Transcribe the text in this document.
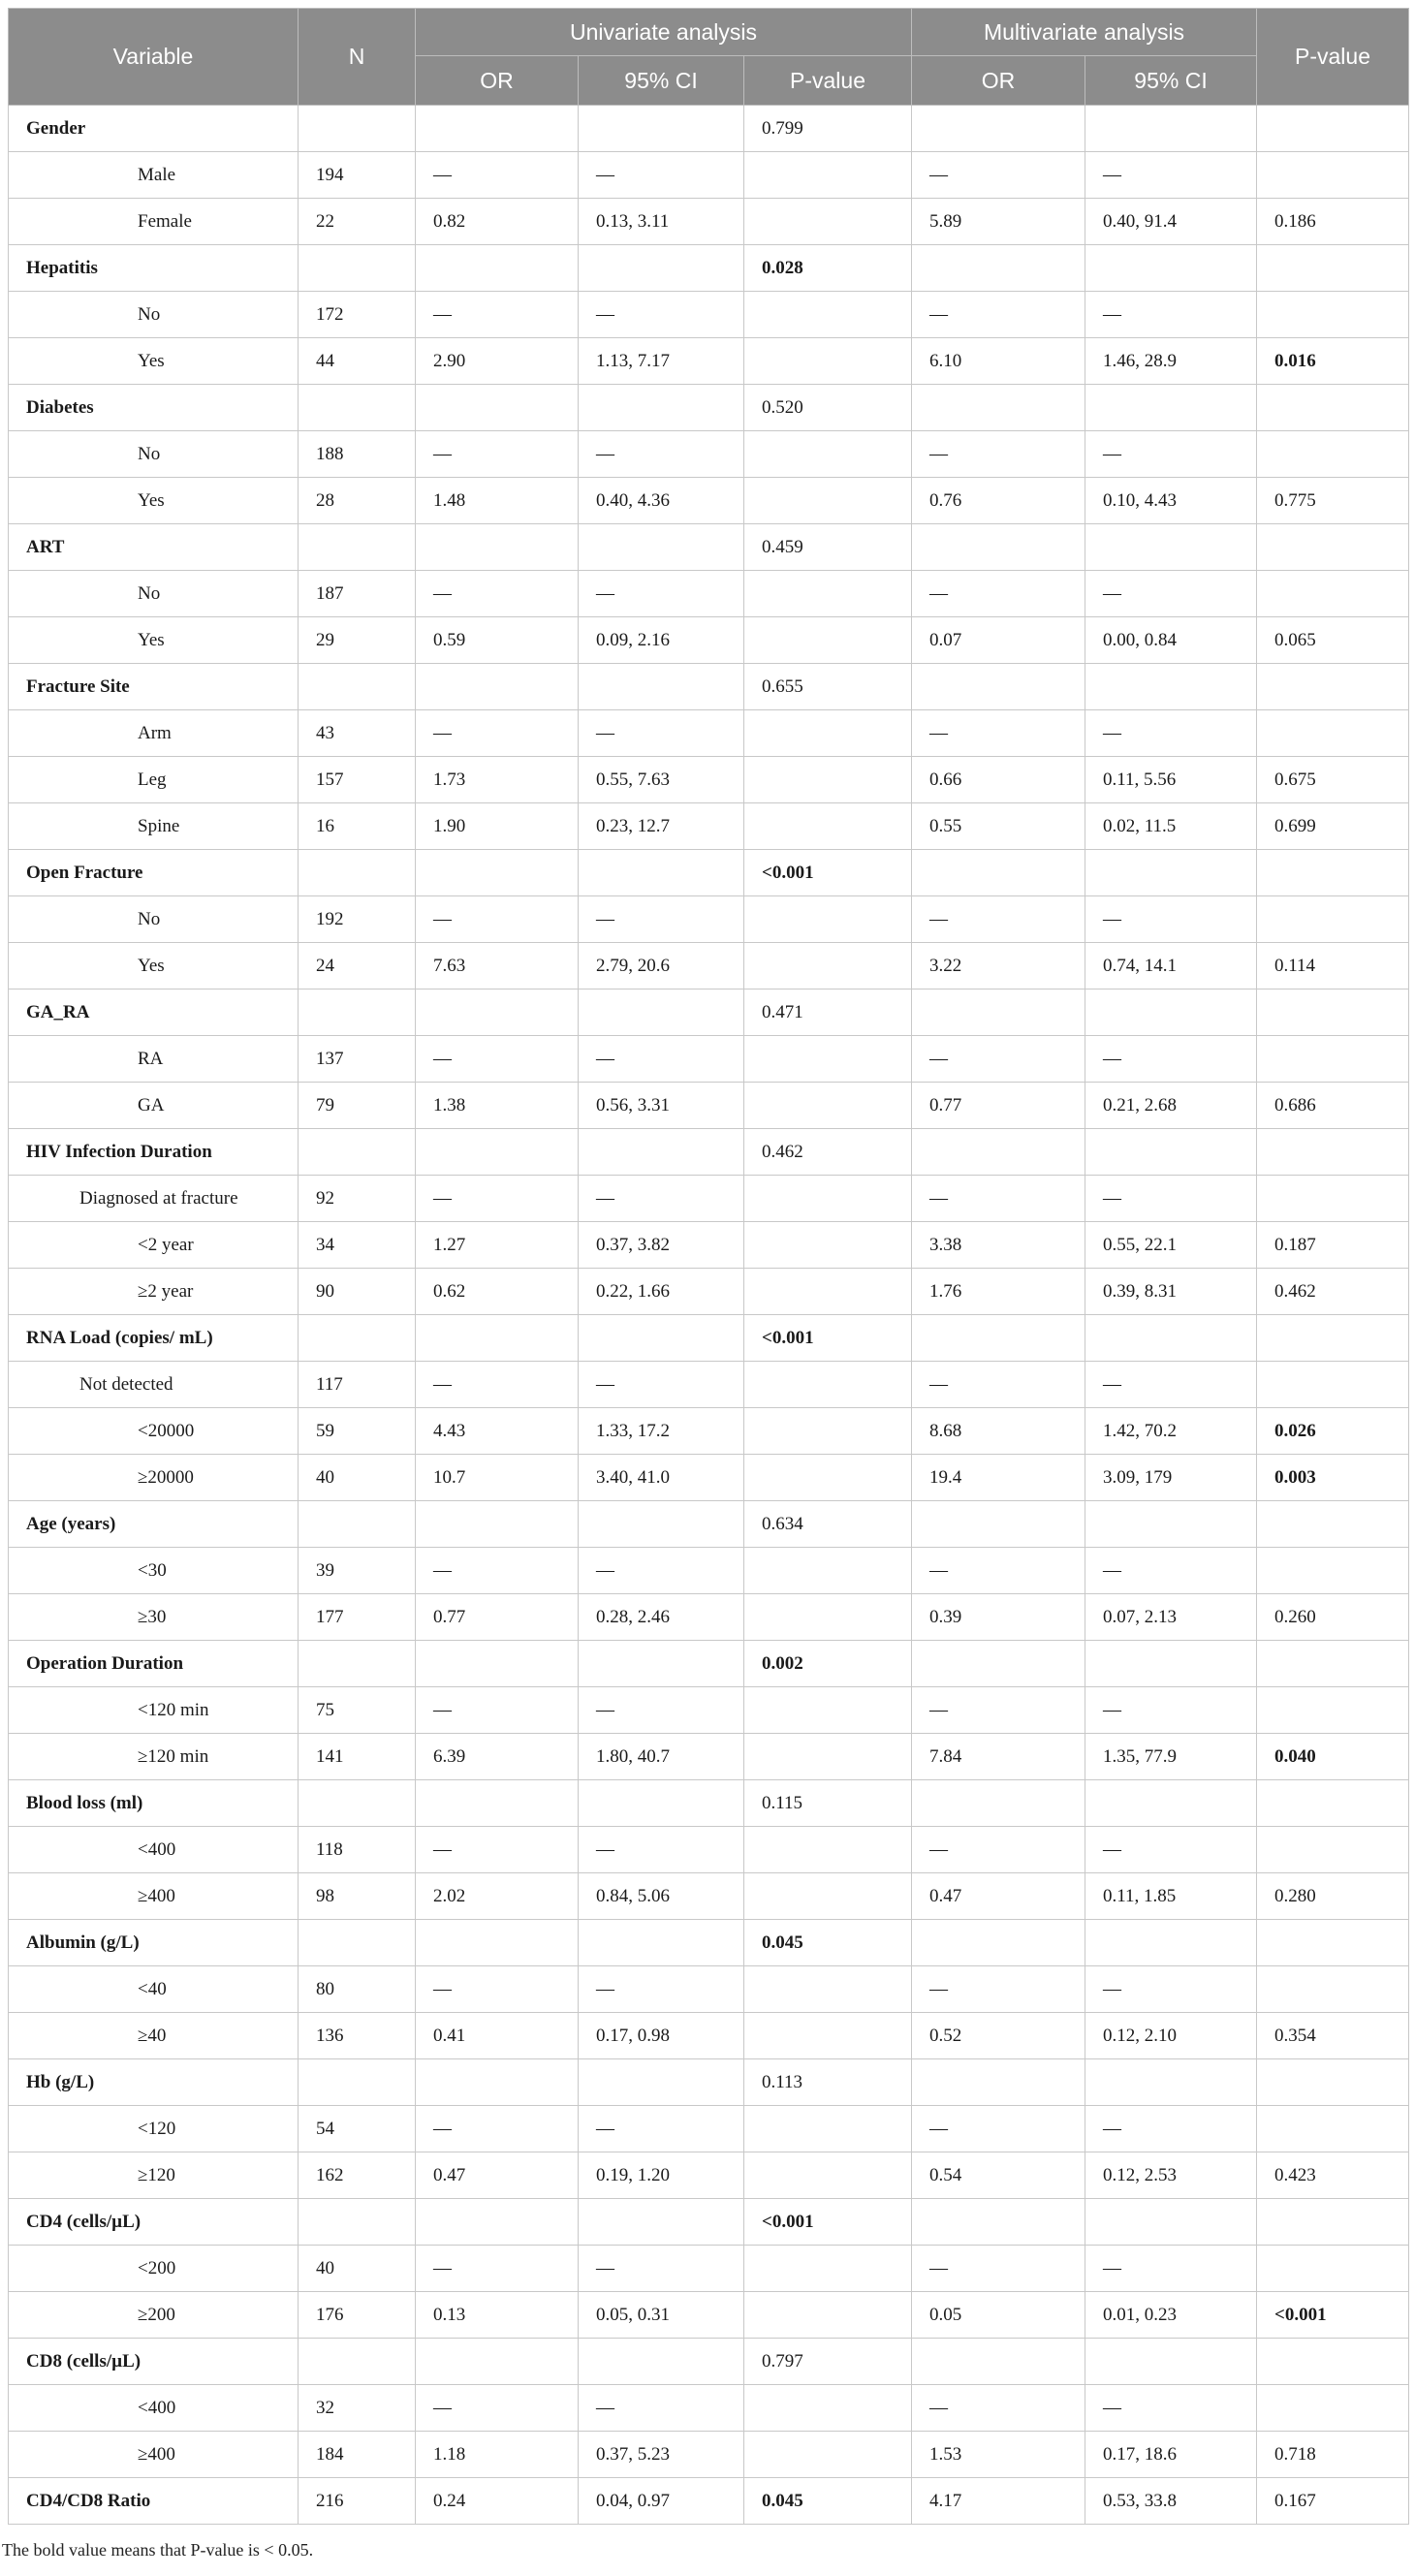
Variable	N	Univariate analysis			Multivariate analysis		P-value
		OR	95% CI	P-value	OR	95% CI	
Gender				0.799			
Male	194	—	—		—	—	
Female	22	0.82	0.13, 3.11		5.89	0.40, 91.4	0.186
Hepatitis				0.028			
No	172	—	—		—	—	
Yes	44	2.90	1.13, 7.17		6.10	1.46, 28.9	0.016
Diabetes				0.520			
No	188	—	—		—	—	
Yes	28	1.48	0.40, 4.36		0.76	0.10, 4.43	0.775
ART				0.459			
No	187	—	—		—	—	
Yes	29	0.59	0.09, 2.16		0.07	0.00, 0.84	0.065
Fracture Site				0.655			
Arm	43	—	—		—	—	
Leg	157	1.73	0.55, 7.63		0.66	0.11, 5.56	0.675
Spine	16	1.90	0.23, 12.7		0.55	0.02, 11.5	0.699
Open Fracture				<0.001			
No	192	—	—		—	—	
Yes	24	7.63	2.79, 20.6		3.22	0.74, 14.1	0.114
GA_RA				0.471			
RA	137	—	—		—	—	
GA	79	1.38	0.56, 3.31		0.77	0.21, 2.68	0.686
HIV Infection Duration				0.462			
Diagnosed at fracture	92	—	—		—	—	
<2 year	34	1.27	0.37, 3.82		3.38	0.55, 22.1	0.187
≥2 year	90	0.62	0.22, 1.66		1.76	0.39, 8.31	0.462
RNA Load (copies/ mL)				<0.001			
Not detected	117	—	—		—	—	
<20000	59	4.43	1.33, 17.2		8.68	1.42, 70.2	0.026
≥20000	40	10.7	3.40, 41.0		19.4	3.09, 179	0.003
Age (years)				0.634			
<30	39	—	—		—	—	
≥30	177	0.77	0.28, 2.46		0.39	0.07, 2.13	0.260
Operation Duration				0.002			
<120 min	75	—	—		—	—	
≥120 min	141	6.39	1.80, 40.7		7.84	1.35, 77.9	0.040
Blood loss (ml)				0.115			
<400	118	—	—		—	—	
≥400	98	2.02	0.84, 5.06		0.47	0.11, 1.85	0.280
Albumin (g/L)				0.045			
<40	80	—	—		—	—	
≥40	136	0.41	0.17, 0.98		0.52	0.12, 2.10	0.354
Hb (g/L)				0.113			
<120	54	—	—		—	—	
≥120	162	0.47	0.19, 1.20		0.54	0.12, 2.53	0.423
CD4 (cells/µL)				<0.001			
<200	40	—	—		—	—	
≥200	176	0.13	0.05, 0.31		0.05	0.01, 0.23	<0.001
CD8 (cells/µL)				0.797			
<400	32	—	—		—	—	
≥400	184	1.18	0.37, 5.23		1.53	0.17, 18.6	0.718
CD4/CD8 Ratio	216	0.24	0.04, 0.97	0.045	4.17	0.53, 33.8	0.167
The bold value means that P-value is < 0.05.
